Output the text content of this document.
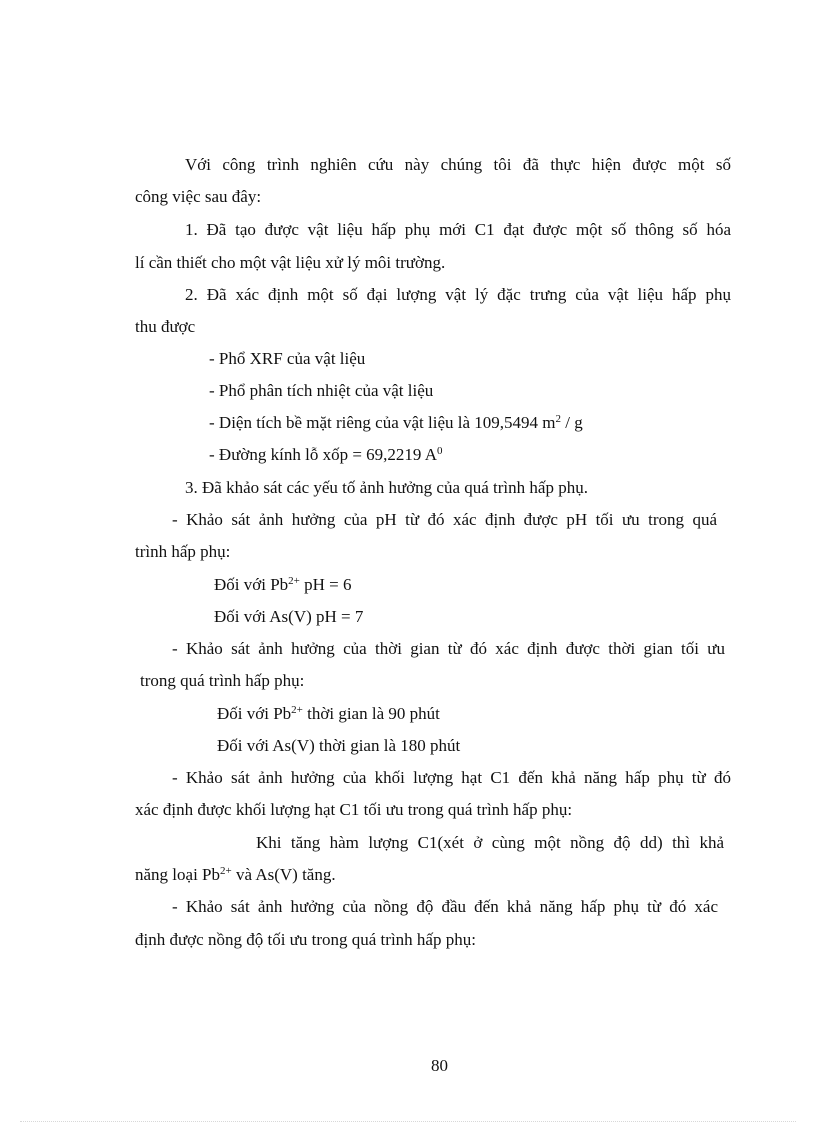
Với công trình nghiên cứu này chúng tôi đã thực hiện được một số
công việc sau đây:
1. Đã tạo được vật liệu hấp phụ mới C1 đạt được một số thông số hóa
lí cần thiết cho một vật liệu xử lý môi trường.
2. Đã xác định một số đại lượng vật lý đặc trưng của vật liệu hấp phụ
thu được
- Phổ XRF của vật liệu
- Phổ phân tích nhiệt của vật liệu
- Diện tích bề mặt riêng của vật liệu là 109,5494 $m^2$ / g
- Đường kính lỗ xốp = 69,2219 $A^0$
3. Đã khảo sát các yếu tố ảnh hưởng của quá trình hấp phụ.
- Khảo sát ảnh hưởng của pH từ đó xác định được pH tối ưu trong quá
trình hấp phụ:
Đối với $Pb^{2+}$ pH = 6
Đối với As(V) pH = 7
- Khảo sát ảnh hưởng của thời gian từ đó xác định được thời gian tối ưu
trong quá trình hấp phụ:
Đối với $Pb^{2+}$ thời gian là 90 phút
Đối với As(V) thời gian là 180 phút
- Khảo sát ảnh hưởng của khối lượng hạt C1 đến khả năng hấp phụ từ đó
xác định được khối lượng hạt C1 tối ưu trong quá trình hấp phụ:
Khi tăng hàm lượng C1(xét ở cùng một nồng độ dd) thì khả
năng loại $Pb^{2+}$ và As(V) tăng.
- Khảo sát ảnh hưởng của nồng độ đầu đến khả năng hấp phụ từ đó xác
định được nồng độ tối ưu trong quá trình hấp phụ:
80
